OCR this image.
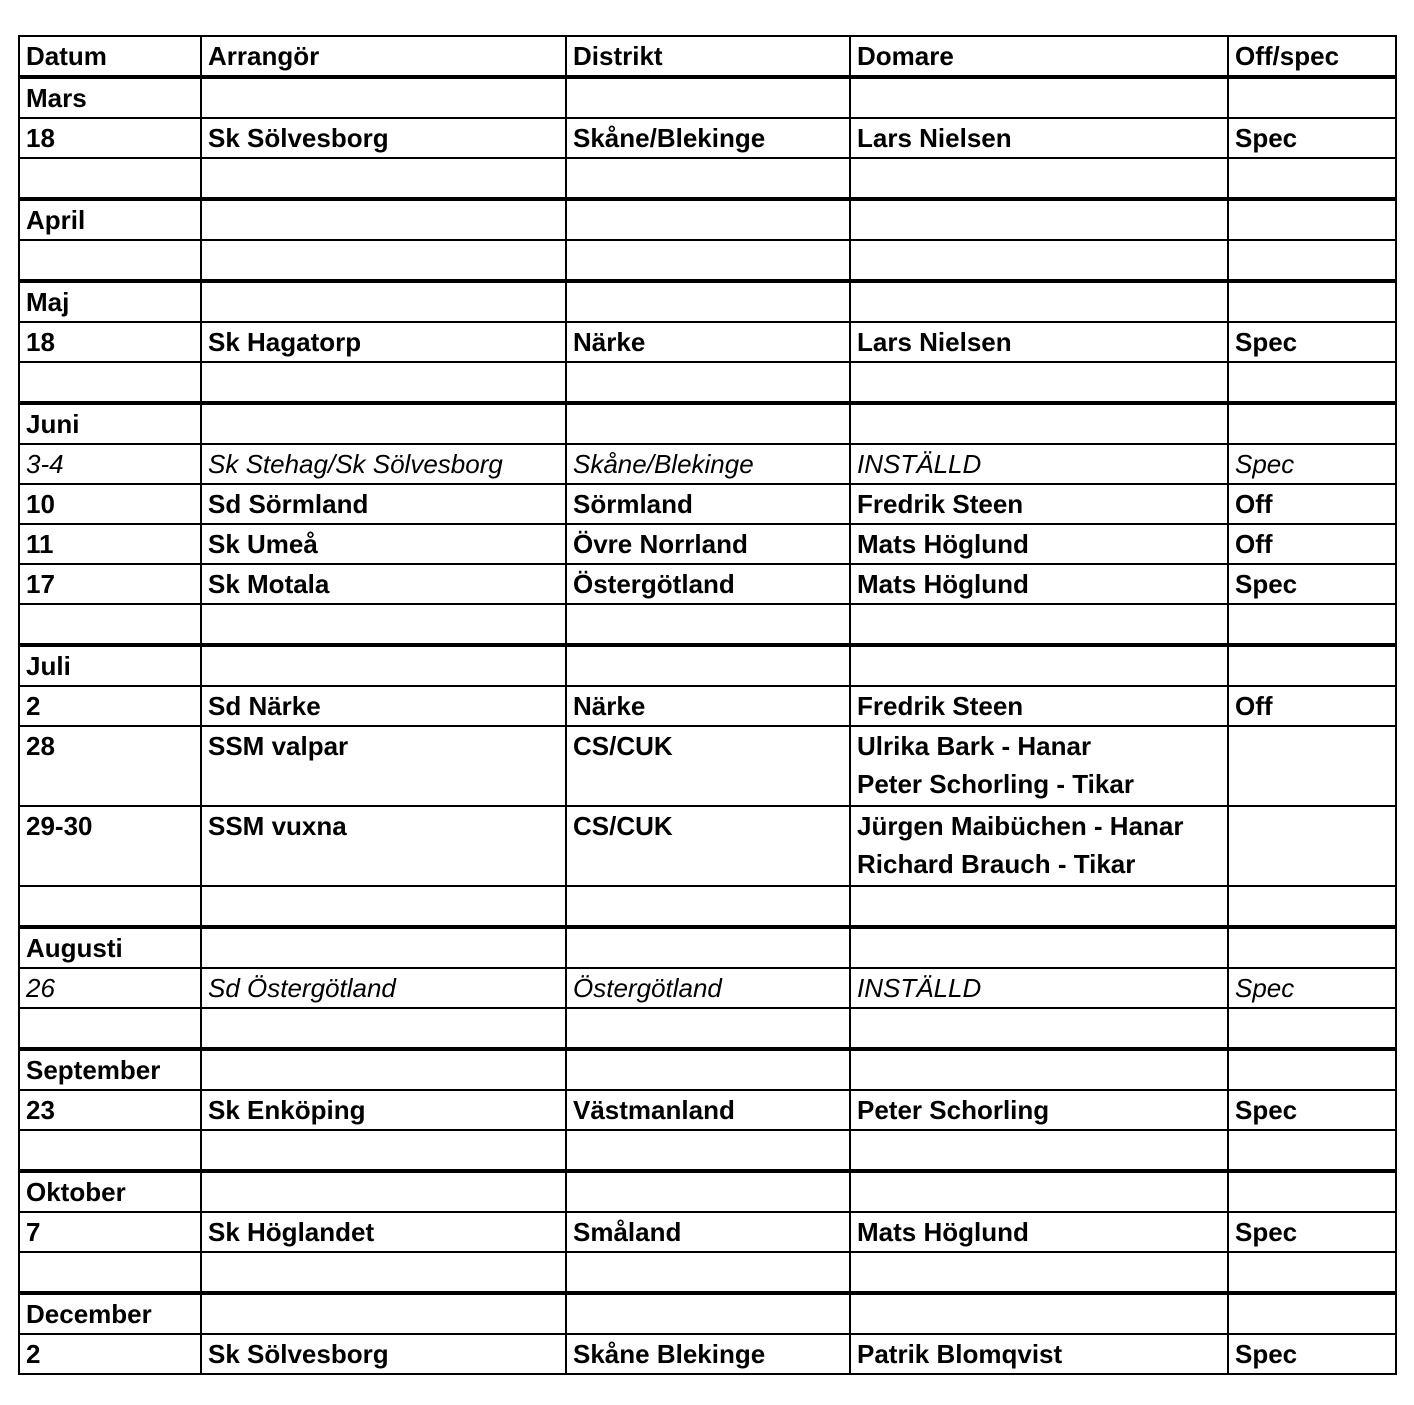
Datum	Arrangör	Distrikt	Domare	Off/spec
Mars				
18	Sk Sölvesborg	Skåne/Blekinge	Lars Nielsen	Spec

April				

Maj				
18	Sk Hagatorp	Närke	Lars Nielsen	Spec

Juni				
3-4	Sk Stehag/Sk Sölvesborg	Skåne/Blekinge	INSTÄLLD	Spec
10	Sd Sörmland	Sörmland	Fredrik Steen	Off
11	Sk Umeå	Övre Norrland	Mats Höglund	Off
17	Sk Motala	Östergötland	Mats Höglund	Spec

Juli				
2	Sd Närke	Närke	Fredrik Steen	Off
28	SSM valpar	CS/CUK	Ulrika Bark - Hanar
Peter Schorling - Tikar	

29-30	SSM vuxna	CS/CUK	Jürgen Maibüchen - Hanar
Richard Brauch - Tikar	

Augusti				
26	Sd Östergötland	Östergötland	INSTÄLLD	Spec

September				
23	Sk Enköping	Västmanland	Peter Schorling	Spec

Oktober				
7	Sk Höglandet	Småland	Mats Höglund	Spec

December				
2	Sk Sölvesborg	Skåne Blekinge	Patrik Blomqvist	Spec
